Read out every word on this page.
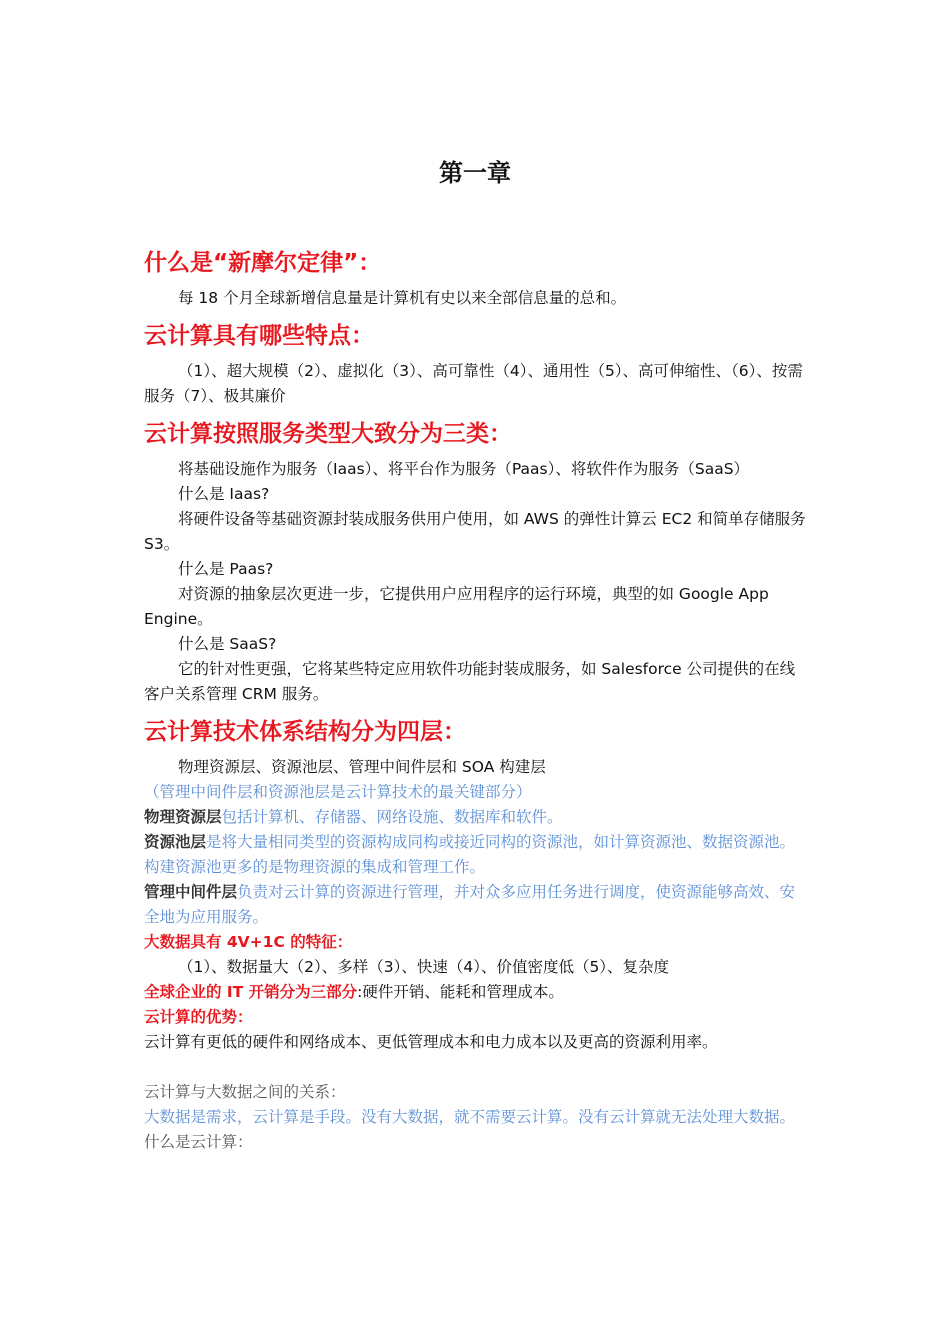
第一章

什么是“新摩尔定律”：

每 18 个月全球新增信息量是计算机有史以来全部信息量的总和。

云计算具有哪些特点：

（1）、超大规模（2）、虚拟化（3）、高可靠性（4）、通用性（5）、高可伸缩性、（6）、按需服务（7）、极其廉价

云计算按照服务类型大致分为三类：

将基础设施作为服务（Iaas）、将平台作为服务（Paas）、将软件作为服务（SaaS）

什么是 Iaas?

将硬件设备等基础资源封装成服务供用户使用，如 AWS 的弹性计算云 EC2 和简单存储服务 S3。

什么是 Paas?

对资源的抽象层次更进一步，它提供用户应用程序的运行环境，典型的如 Google App Engine。

什么是 SaaS?

它的针对性更强，它将某些特定应用软件功能封装成服务，如 Salesforce 公司提供的在线客户关系管理 CRM 服务。

云计算技术体系结构分为四层：

物理资源层、资源池层、管理中间件层和 SOA 构建层

（管理中间件层和资源池层是云计算技术的最关键部分）

物理资源层包括计算机、存储器、网络设施、数据库和软件。

资源池层是将大量相同类型的资源构成同构或接近同构的资源池，如计算资源池、数据资源池。构建资源池更多的是物理资源的集成和管理工作。

管理中间件层负责对云计算的资源进行管理，并对众多应用任务进行调度，使资源能够高效、安全地为应用服务。

大数据具有 4V+1C 的特征：

（1）、数据量大（2）、多样（3）、快速（4）、价值密度低（5）、复杂度

全球企业的 IT 开销分为三部分:硬件开销、能耗和管理成本。

云计算的优势：

云计算有更低的硬件和网络成本、更低管理成本和电力成本以及更高的资源利用率。

云计算与大数据之间的关系：

大数据是需求，云计算是手段。没有大数据，就不需要云计算。没有云计算就无法处理大数据。

什么是云计算：
